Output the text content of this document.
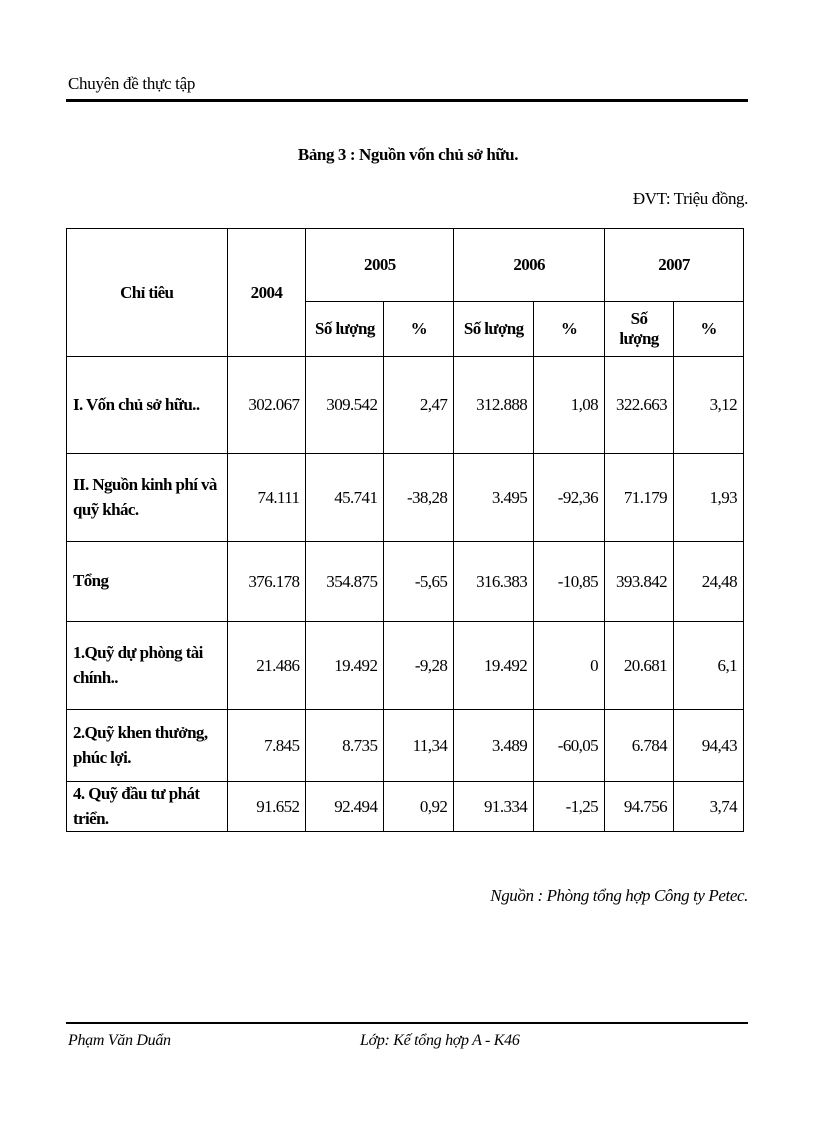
Chuyên đề thực tập
Bảng 3 : Nguồn vốn chủ sở hữu.
ĐVT: Triệu đồng.
Chỉ tiêu	2004	2005		2006		2007	
		Số lượng	%	Số lượng	%	Số lượng	%
I. Vốn chủ sở hữu..	302.067	309.542	2,47	312.888	1,08	322.663	3,12
II. Nguồn kinh phí và quỹ khác.	74.111	45.741	-38,28	3.495	-92,36	71.179	1,93
Tổng	376.178	354.875	-5,65	316.383	-10,85	393.842	24,48
1.Quỹ dự phòng tài chính..	21.486	19.492	-9,28	19.492	0	20.681	6,1
2.Quỹ khen thưởng, phúc lợi.	7.845	8.735	11,34	3.489	-60,05	6.784	94,43
4. Quỹ đầu tư phát triển.	91.652	92.494	0,92	91.334	-1,25	94.756	3,74
Nguồn : Phòng tổng hợp Công ty Petec.
Phạm Văn Duẩn	Lớp: Kế tổng hợp A - K46
